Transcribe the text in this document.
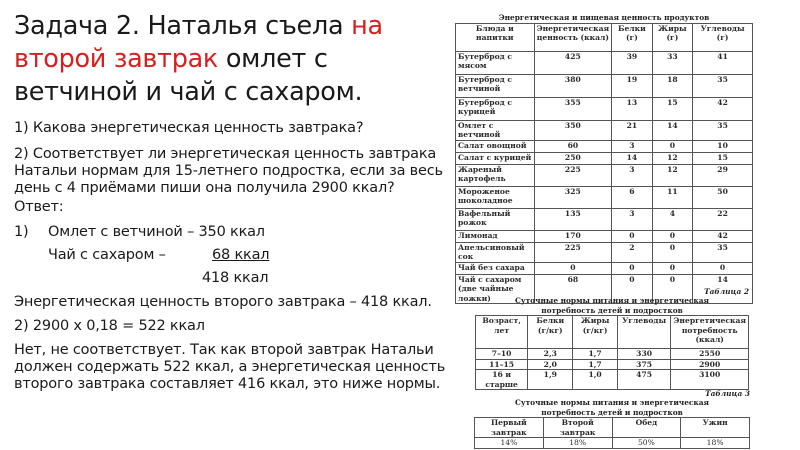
Задача 2. Наталья съела на второй завтрак омлет с ветчиной и чай с сахаром.
1) Какова энергетическая ценность завтрака?
2) Соответствует ли энергетическая ценность завтрака Натальи нормам для 15-летнего подростка, если за весь день с 4 приёмами пиши она получила 2900 ккал?
Ответ:
1) Омлет с ветчиной – 350 ккал
Чай с сахаром –	68 ккал
418 ккал
Энергетическая ценность второго завтрака – 418 ккал.
2) 2900 х 0,18 = 522 ккал
Нет, не соответствует. Так как второй завтрак Натальи должен содержать 522 ккал, а энергетическая ценность второго завтрака составляет 416 ккал, это ниже нормы.
Энергетическая и пищевая ценность продуктов
Блюда и напитки	Энергетическая ценность (ккал)	Белки (г)	Жиры (г)	Углеводы (г)
Бутерброд с мясом	425	39	33	41
Бутерброд с ветчиной	380	19	18	35
Бутерброд с курицей	355	13	15	42
Омлет с ветчиной	350	21	14	35
Салат овощной	60	3	0	10
Салат с курицей	250	14	12	15
Жареный картофель	225	3	12	29
Мороженое шоколадное	325	6	11	50
Вафельный рожок	135	3	4	22
Лимонад	170	0	0	42
Апельсиновый сок	225	2	0	35
Чай без сахара	0	0	0	0
Чай с сахаром (две чайные ложки)	68	0	0	14
Таблица 2
Суточные нормы питания и энергетическая потребность детей и подростков
Возраст, лет	Белки (г/кг)	Жиры (г/кг)	Углеводы	Энергетическая потребность (ккал)
7–10	2,3	1,7	330	2550
11–15	2,0	1,7	375	2900
16 и старше	1,9	1,0	475	3100
Таблица 3
Суточные нормы питания и энергетическая потребность детей и подростков
Первый завтрак	Второй завтрак	Обед	Ужин
14%	18%	50%	18%
